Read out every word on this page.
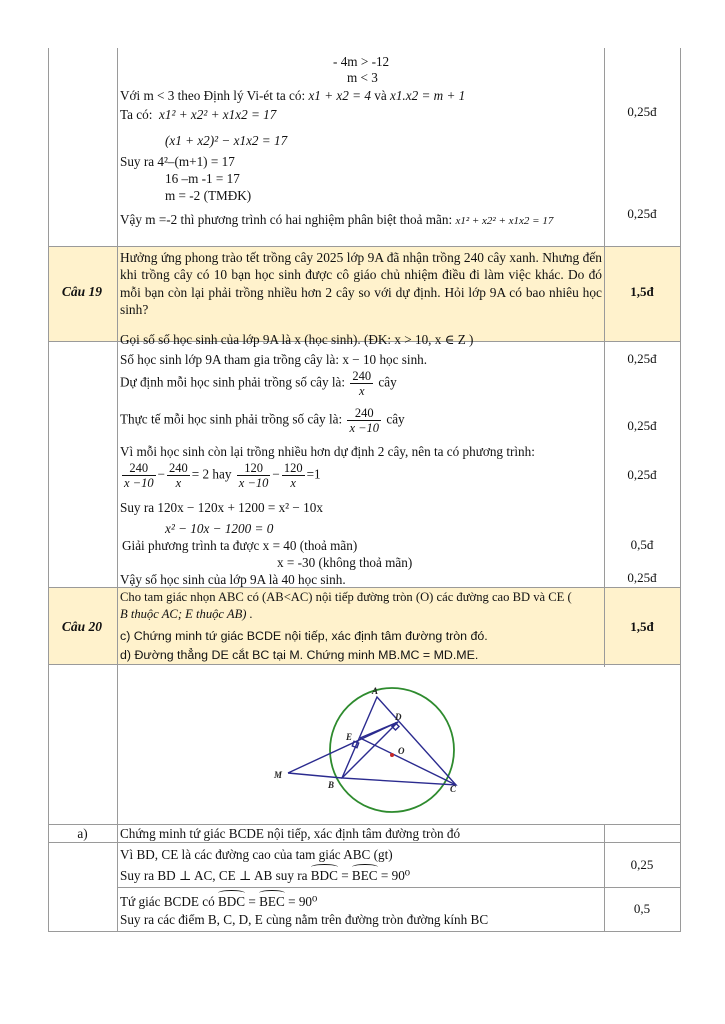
- 4m > -12
m < 3
Với m < 3 theo Định lý Vi-ét ta có: x1 + x2 = 4 và x1.x2 = m + 1
Ta có: x1² + x2² + x1x2 = 17
(x1 + x2)² − x1x2 = 17
Suy ra 4²–(m+1) = 17
16 –m -1 = 17
m = -2 (TMĐK)
Vậy m =-2 thì phương trình có hai nghiệm phân biệt thoả mãn: x1² + x2² + x1x2 = 17
0,25đ
0,25đ
Câu 19
Hưởng ứng phong trào tết trồng cây 2025 lớp 9A đã nhận trồng 240 cây xanh. Nhưng đến khi trồng cây có 10 bạn học sinh được cô giáo chủ nhiệm điều đi làm việc khác. Do đó mỗi bạn còn lại phải trồng nhiều hơn 2 cây so với dự định. Hỏi lớp 9A có bao nhiêu học sinh?
1,5đ
Gọi số số học sinh của lớp 9A là x (học sinh). (ĐK: x > 10, x ∈ Z )
Số học sinh lớp 9A tham gia trồng cây là: x − 10 học sinh.
Dự định mỗi học sinh phải trồng số cây là: $\frac{240}{x}$ cây
Thực tế mỗi học sinh phải trồng số cây là: $\frac{240}{x -10}$ cây
Vì mỗi học sinh còn lại trồng nhiều hơn dự định 2 cây, nên ta có phương trình:
$\frac{240}{x -10} - \frac{240}{x} = 2$ hay $\frac{120}{x -10} - \frac{120}{x} =1$
Suy ra 120x − 120x + 1200 = x² − 10x
x² − 10x − 1200 = 0
Giải phương trình ta được x = 40 (thoả mãn)
x = -30 (không thoả mãn)
Vậy số học sinh của lớp 9A là 40 học sinh.
0,25đ
0,25đ
0,25đ
0,5đ
0,25đ
Câu 20
Cho tam giác nhọn ABC có (AB<AC) nội tiếp đường tròn (O) các đường cao BD và CE (
B thuộc AC; E thuộc AB) .
c) Chứng minh tứ giác BCDE nội tiếp, xác định tâm đường tròn đó.
d) Đường thẳng DE cắt BC tại M. Chứng minh MB.MC = MD.ME.
1,5đ
A
D
E
O
M
B	C
a)	Chứng minh tứ giác BCDE nội tiếp, xác định tâm đường tròn đó
Vì BD, CE là các đường cao của tam giác ABC (gt)
Suy ra BD ⊥ AC, CE ⊥ AB suy ra BDC = BEC = 90⁰
Tứ giác BCDE có BDC = BEC = 90⁰
Suy ra các điểm B, C, D, E cùng nằm trên đường tròn đường kính BC
0,25
0,5
